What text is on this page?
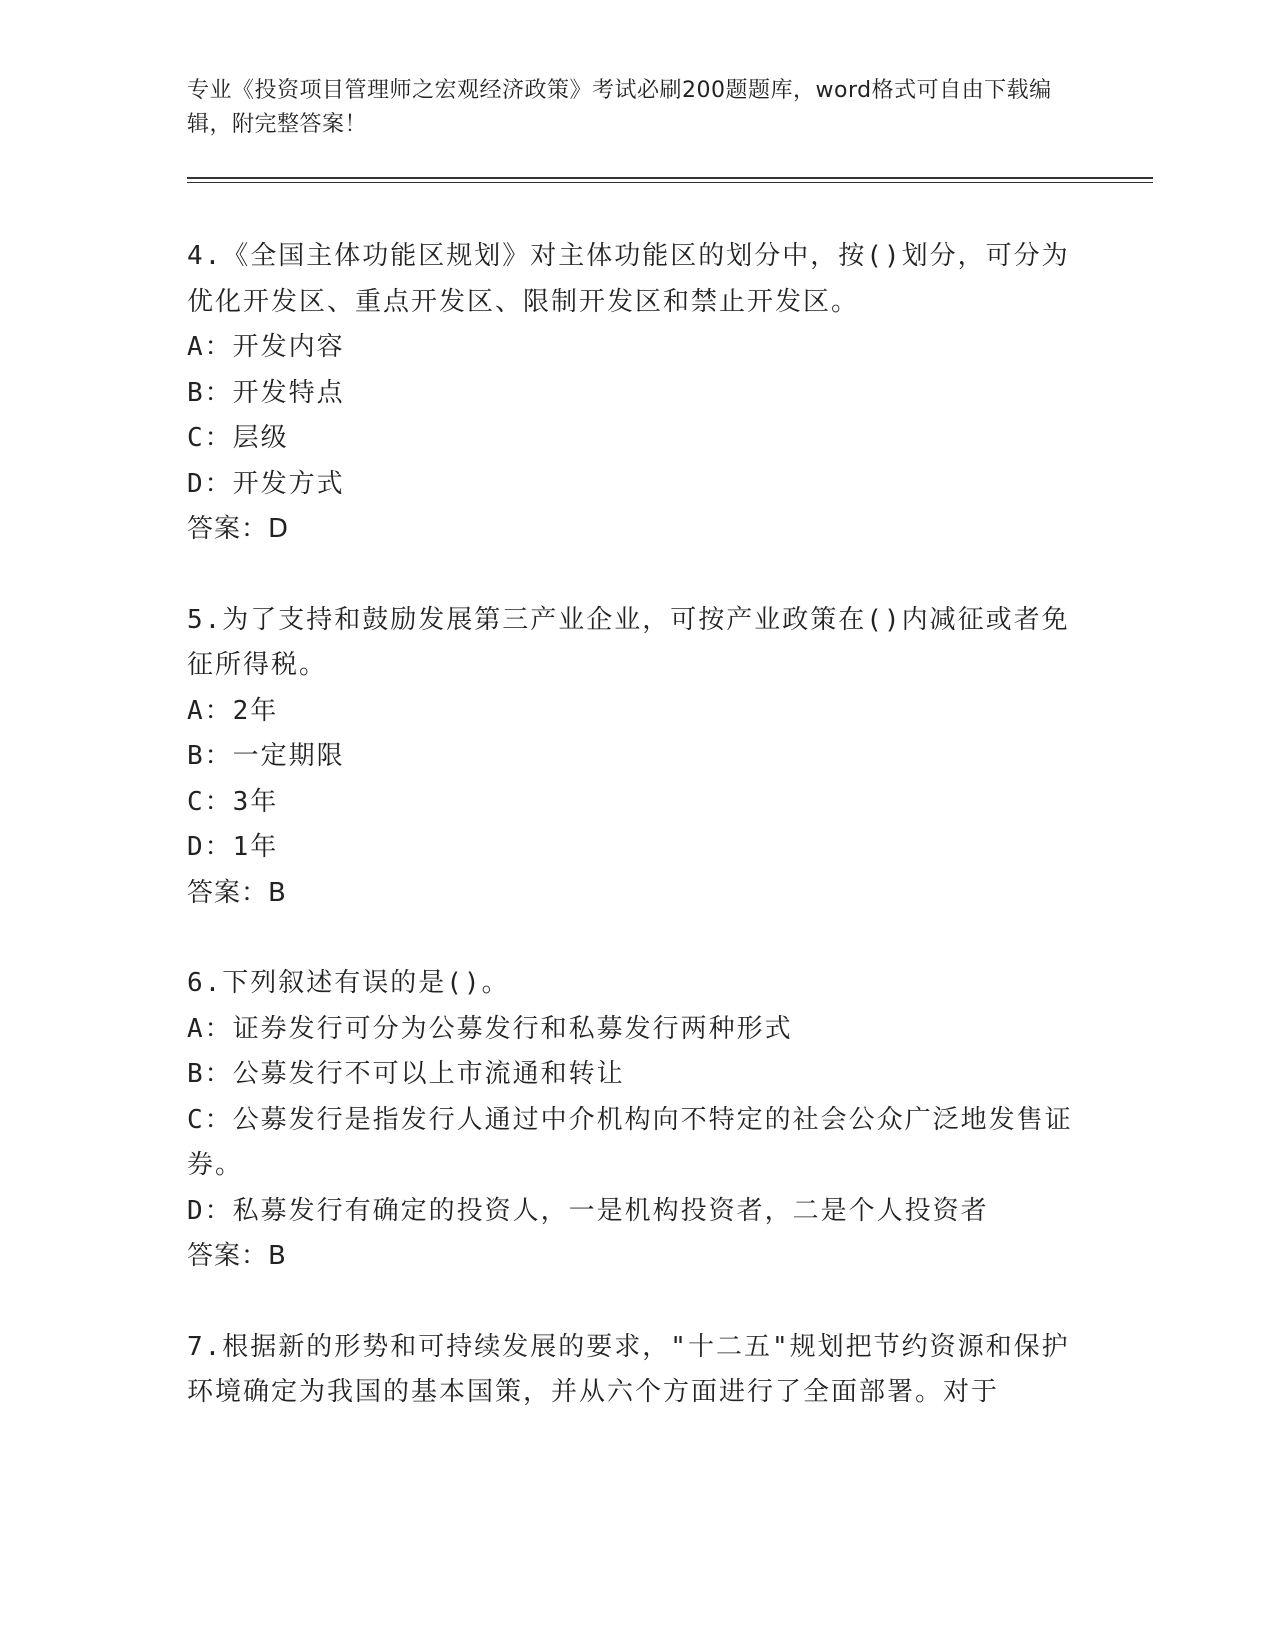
专业《投资项目管理师之宏观经济政策》考试必刷200题题库，word格式可自由下载编辑，附完整答案！

4.《全国主体功能区规划》对主体功能区的划分中，按()划分，可分为优化开发区、重点开发区、限制开发区和禁止开发区。

A：开发内容

B：开发特点

C：层级

D：开发方式

答案：D

5.为了支持和鼓励发展第三产业企业，可按产业政策在()内减征或者免征所得税。

A：2年

B：一定期限

C：3年

D：1年

答案：B

6.下列叙述有误的是()。

A：证券发行可分为公募发行和私募发行两种形式

B：公募发行不可以上市流通和转让

C：公募发行是指发行人通过中介机构向不特定的社会公众广泛地发售证券。

D：私募发行有确定的投资人，一是机构投资者，二是个人投资者

答案：B

7.根据新的形势和可持续发展的要求，"十二五"规划把节约资源和保护环境确定为我国的基本国策，并从六个方面进行了全面部署。对于
